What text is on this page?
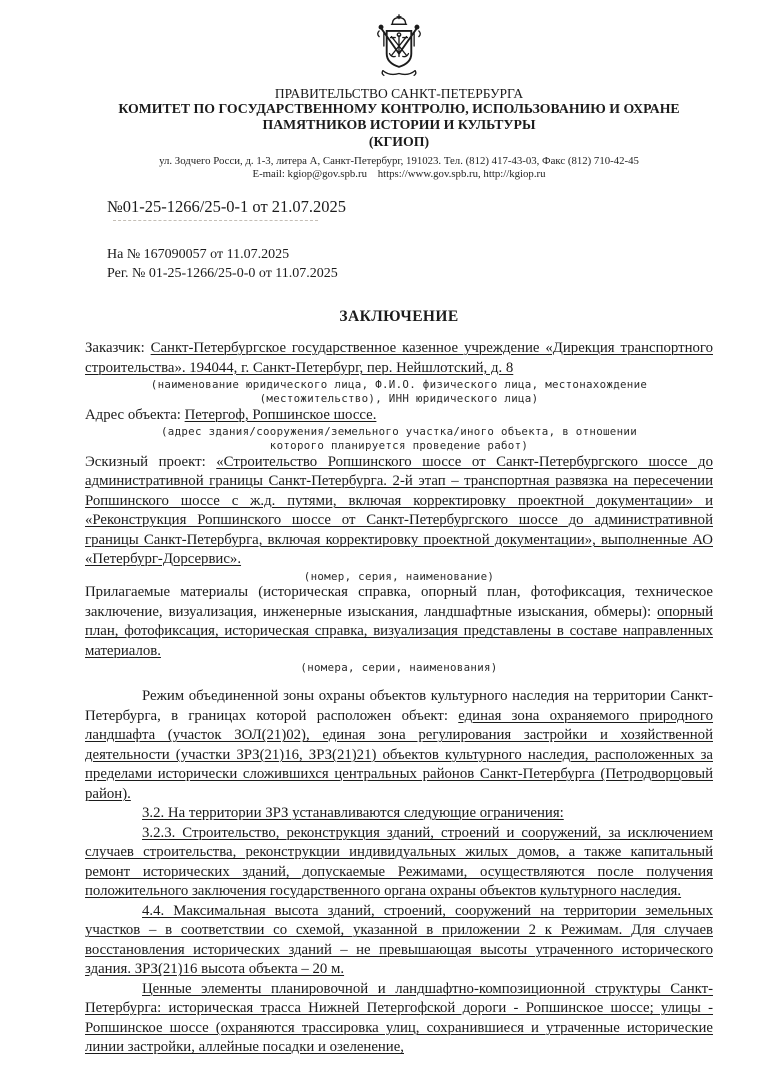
ПРАВИТЕЛЬСТВО САНКТ-ПЕТЕРБУРГА
КОМИТЕТ ПО ГОСУДАРСТВЕННОМУ КОНТРОЛЮ, ИСПОЛЬЗОВАНИЮ И ОХРАНЕ
ПАМЯТНИКОВ ИСТОРИИ И КУЛЬТУРЫ
(КГИОП)
ул. Зодчего Росси, д. 1-3, литера А, Санкт-Петербург, 191023. Тел. (812) 417-43-03, Факс (812) 710-42-45
E-mail: kgiop@gov.spb.ru    https://www.gov.spb.ru, http://kgiop.ru
№01-25-1266/25-0-1 от 21.07.2025
На № 167090057 от 11.07.2025
Рег. № 01-25-1266/25-0-0 от 11.07.2025
ЗАКЛЮЧЕНИЕ

Заказчик: Санкт-Петербургское государственное казенное учреждение «Дирекция транспортного строительства». 194044, г. Санкт-Петербург, пер. Нейшлотский, д. 8

(наименование юридического лица, Ф.И.О. физического лица, местонахождение
(местожительство), ИНН юридического лица)

Адрес объекта: Петергоф, Ропшинское шоссе.

(адрес здания/сооружения/земельного участка/иного объекта, в отношении
которого планируется проведение работ)

Эскизный проект: «Строительство Ропшинского шоссе от Санкт-Петербургского шоссе до административной границы Санкт-Петербурга. 2-й этап – транспортная развязка на пересечении Ропшинского шоссе с ж.д. путями, включая корректировку проектной документации» и «Реконструкция Ропшинского шоссе от Санкт-Петербургского шоссе до административной границы Санкт-Петербурга, включая корректировку проектной документации», выполненные АО «Петербург-Дорсервис».

(номер, серия, наименование)

Прилагаемые материалы (историческая справка, опорный план, фотофиксация, техническое заключение, визуализация, инженерные изыскания, ландшафтные изыскания, обмеры): опорный план, фотофиксация, историческая справка, визуализация представлены в составе направленных материалов.

(номера, серии, наименования)

Режим объединенной зоны охраны объектов культурного наследия на территории Санкт-Петербурга, в границах которой расположен объект: единая зона охраняемого природного ландшафта (участок ЗОЛ(21)02), единая зона регулирования застройки и хозяйственной деятельности (участки ЗРЗ(21)16, ЗРЗ(21)21) объектов культурного наследия, расположенных за пределами исторически сложившихся центральных районов Санкт-Петербурга (Петродворцовый район).

3.2. На территории ЗРЗ устанавливаются следующие ограничения:

3.2.3. Строительство, реконструкция зданий, строений и сооружений, за исключением случаев строительства, реконструкции индивидуальных жилых домов, а также капитальный ремонт исторических зданий, допускаемые Режимами, осуществляются после получения положительного заключения государственного органа охраны объектов культурного наследия.

4.4. Максимальная высота зданий, строений, сооружений на территории земельных участков – в соответствии со схемой, указанной в приложении 2 к Режимам. Для случаев восстановления исторических зданий – не превышающая высоты утраченного исторического здания. ЗРЗ(21)16 высота объекта – 20 м.

Ценные элементы планировочной и ландшафтно-композиционной структуры Санкт-Петербурга: историческая трасса Нижней Петергофской дороги - Ропшинское шоссе; улицы - Ропшинское шоссе (охраняются трассировка улиц, сохранившиеся и утраченные исторические линии застройки, аллейные посадки и озеленение,
